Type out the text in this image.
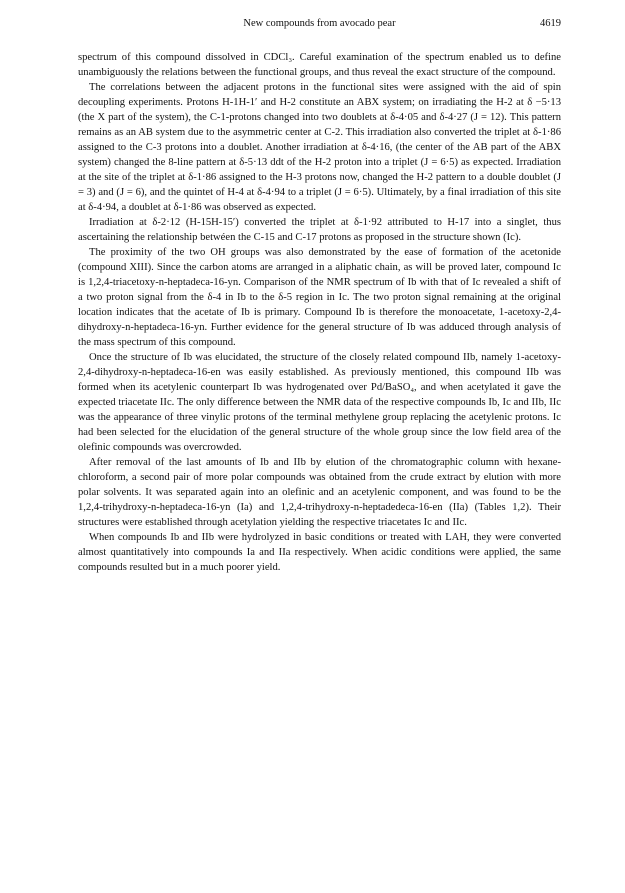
New compounds from avocado pear	4619

spectrum of this compound dissolved in CDCl₃. Careful examination of the spectrum enabled us to define unambiguously the relations between the functional groups, and thus reveal the exact structure of the compound.

The correlations between the adjacent protons in the functional sites were assigned with the aid of spin decoupling experiments. Protons H-1H-1′ and H-2 constitute an ABX system; on irradiating the H-2 at δ −5·13 (the X part of the system), the C-1-protons changed into two doublets at δ-4·05 and δ-4·27 (J = 12). This pattern remains as an AB system due to the asymmetric center at C-2. This irradiation also converted the triplet at δ-1·86 assigned to the C-3 protons into a doublet. Another irradiation at δ-4·16, (the center of the AB part of the ABX system) changed the 8-line pattern at δ-5·13 ddt of the H-2 proton into a triplet (J = 6·5) as expected. Irradiation at the site of the triplet at δ-1·86 assigned to the H-3 protons now, changed the H-2 pattern to a double doublet (J = 3) and (J = 6), and the quintet of H-4 at δ-4·94 to a triplet (J = 6·5). Ultimately, by a final irradiation of this site at δ-4·94, a doublet at δ-1·86 was observed as expected.

Irradiation at δ-2·12 (H-15H-15′) converted the triplet at δ-1·92 attributed to H-17 into a singlet, thus ascertaining the relationship betwéen the C-15 and C-17 protons as proposed in the structure shown (Ic).

The proximity of the two OH groups was also demonstrated by the ease of formation of the acetonide (compound XIII). Since the carbon atoms are arranged in a aliphatic chain, as will be proved later, compound Ic is 1,2,4-triacetoxy-n-heptadeca-16-yn. Comparison of the NMR spectrum of Ib with that of Ic revealed a shift of a two proton signal from the δ-4 in Ib to the δ-5 region in Ic. The two proton signal remaining at the original location indicates that the acetate of Ib is primary. Compound Ib is therefore the monoacetate, 1-acetoxy-2,4-dihydroxy-n-heptadeca-16-yn. Further evidence for the general structure of Ib was adduced through analysis of the mass spectrum of this compound.

Once the structure of Ib was elucidated, the structure of the closely related compound IIb, namely 1-acetoxy-2,4-dihydroxy-n-heptadeca-16-en was easily established. As previously mentioned, this compound IIb was formed when its acetylenic counterpart Ib was hydrogenated over Pd/BaSO₄, and when acetylated it gave the expected triacetate IIc. The only difference between the NMR data of the respective compounds Ib, Ic and IIb, IIc was the appearance of three vinylic protons of the terminal methylene group replacing the acetylenic protons. Ic had been selected for the elucidation of the general structure of the whole group since the low field area of the olefinic compounds was overcrowded.

After removal of the last amounts of Ib and IIb by elution of the chromatographic column with hexane-chloroform, a second pair of more polar compounds was obtained from the crude extract by elution with more polar solvents. It was separated again into an olefinic and an acetylenic component, and was found to be the 1,2,4-trihydroxy-n-heptadeca-16-yn (Ia) and 1,2,4-trihydroxy-n-heptadedeca-16-en (IIa) (Tables 1,2). Their structures were established through acetylation yielding the respective triacetates Ic and IIc.

When compounds Ib and IIb were hydrolyzed in basic conditions or treated with LAH, they were converted almost quantitatively into compounds Ia and IIa respectively. When acidic conditions were applied, the same compounds resulted but in a much poorer yield.
